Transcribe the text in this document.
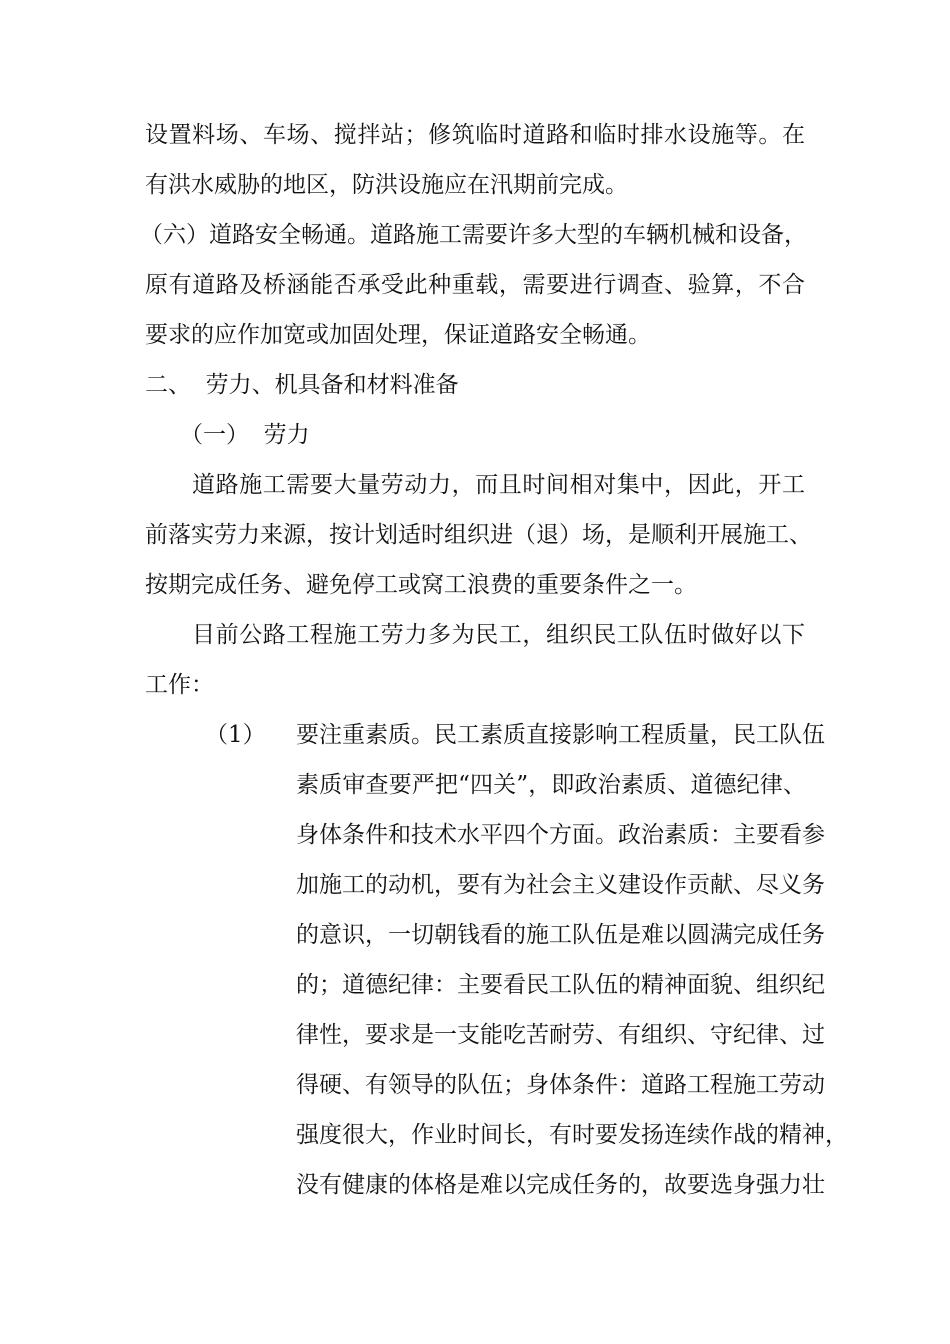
设置料场、车场、搅拌站；修筑临时道路和临时排水设施等。在
有洪水威胁的地区，防洪设施应在汛期前完成。
（六）道路安全畅通。道路施工需要许多大型的车辆机械和设备，
原有道路及桥涵能否承受此种重载，需要进行调查、验算，不合
要求的应作加宽或加固处理，保证道路安全畅通。
二、  劳力、机具备和材料准备
（一）  劳力
道路施工需要大量劳动力，而且时间相对集中，因此，开工
前落实劳力来源，按计划适时组织进（退）场，是顺利开展施工、
按期完成任务、避免停工或窝工浪费的重要条件之一。
目前公路工程施工劳力多为民工，组织民工队伍时做好以下
工作：
（1） 要注重素质。民工素质直接影响工程质量，民工队伍
素质审查要严把“四关”，即政治素质、道德纪律、
身体条件和技术水平四个方面。政治素质：主要看参
加施工的动机，要有为社会主义建设作贡献、尽义务
的意识，一切朝钱看的施工队伍是难以圆满完成任务
的；道德纪律：主要看民工队伍的精神面貌、组织纪
律性，要求是一支能吃苦耐劳、有组织、守纪律、过
得硬、有领导的队伍；身体条件：道路工程施工劳动
强度很大，作业时间长，有时要发扬连续作战的精神，
没有健康的体格是难以完成任务的，故要选身强力壮
